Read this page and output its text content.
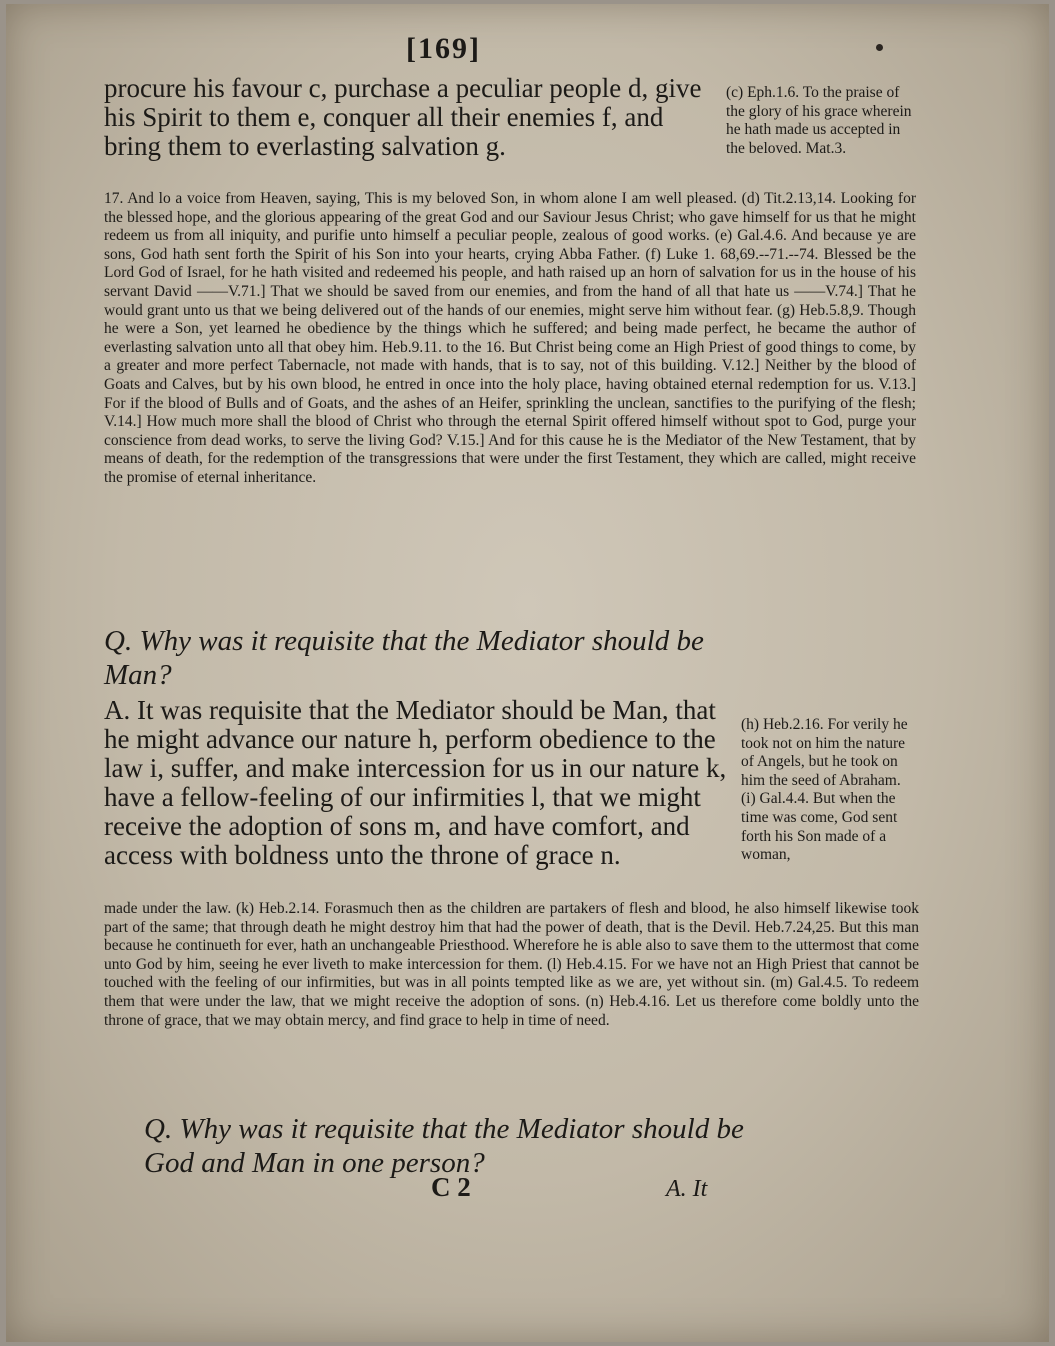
[169]

procure his favour c, purchase a peculiar people d, give his Spirit to them e, conquer all their enemies f, and bring them to everlasting salvation g.

(c) Eph.1.6. To the praise of the glory of his grace wherein he hath made us accepted in the beloved. Mat.3.

17. And lo a voice from Heaven, saying, This is my beloved Son, in whom alone I am well pleased. (d) Tit.2.13,14. Looking for the blessed hope, and the glorious appearing of the great God and our Saviour Jesus Christ; who gave himself for us that he might redeem us from all iniquity, and purifie unto himself a peculiar people, zealous of good works. (e) Gal.4.6. And because ye are sons, God hath sent forth the Spirit of his Son into your hearts, crying Abba Father. (f) Luke 1. 68,69.--71.--74. Blessed be the Lord God of Israel, for he hath visited and redeemed his people, and hath raised up an horn of salvation for us in the house of his servant David ——V.71.] That we should be saved from our enemies, and from the hand of all that hate us ——V.74.] That he would grant unto us that we being delivered out of the hands of our enemies, might serve him without fear. (g) Heb.5.8,9. Though he were a Son, yet learned he obedience by the things which he suffered; and being made perfect, he became the author of everlasting salvation unto all that obey him. Heb.9.11. to the 16. But Christ being come an High Priest of good things to come, by a greater and more perfect Tabernacle, not made with hands, that is to say, not of this building. V.12.] Neither by the blood of Goats and Calves, but by his own blood, he entred in once into the holy place, having obtained eternal redemption for us. V.13.] For if the blood of Bulls and of Goats, and the ashes of an Heifer, sprinkling the unclean, sanctifies to the purifying of the flesh; V.14.] How much more shall the blood of Christ who through the eternal Spirit offered himself without spot to God, purge your conscience from dead works, to serve the living God? V.15.] And for this cause he is the Mediator of the New Testament, that by means of death, for the redemption of the transgressions that were under the first Testament, they which are called, might receive the promise of eternal inheritance.

Q. Why was it requisite that the Mediator should be Man?

A. It was requisite that the Mediator should be Man, that he might advance our nature h, perform obedience to the law i, suffer, and make intercession for us in our nature k, have a fellow-feeling of our infirmities l, that we might receive the adoption of sons m, and have comfort, and access with boldness unto the throne of grace n.

(h) Heb.2.16. For verily he took not on him the nature of Angels, but he took on him the seed of Abraham. (i) Gal.4.4. But when the time was come, God sent forth his Son made of a woman,

made under the law. (k) Heb.2.14. Forasmuch then as the children are partakers of flesh and blood, he also himself likewise took part of the same; that through death he might destroy him that had the power of death, that is the Devil. Heb.7.24,25. But this man because he continueth for ever, hath an unchangeable Priesthood. Wherefore he is able also to save them to the uttermost that come unto God by him, seeing he ever liveth to make intercession for them. (l) Heb.4.15. For we have not an High Priest that cannot be touched with the feeling of our infirmities, but was in all points tempted like as we are, yet without sin. (m) Gal.4.5. To redeem them that were under the law, that we might receive the adoption of sons. (n) Heb.4.16. Let us therefore come boldly unto the throne of grace, that we may obtain mercy, and find grace to help in time of need.

Q. Why was it requisite that the Mediator should be God and Man in one person?

C 2	A. It
